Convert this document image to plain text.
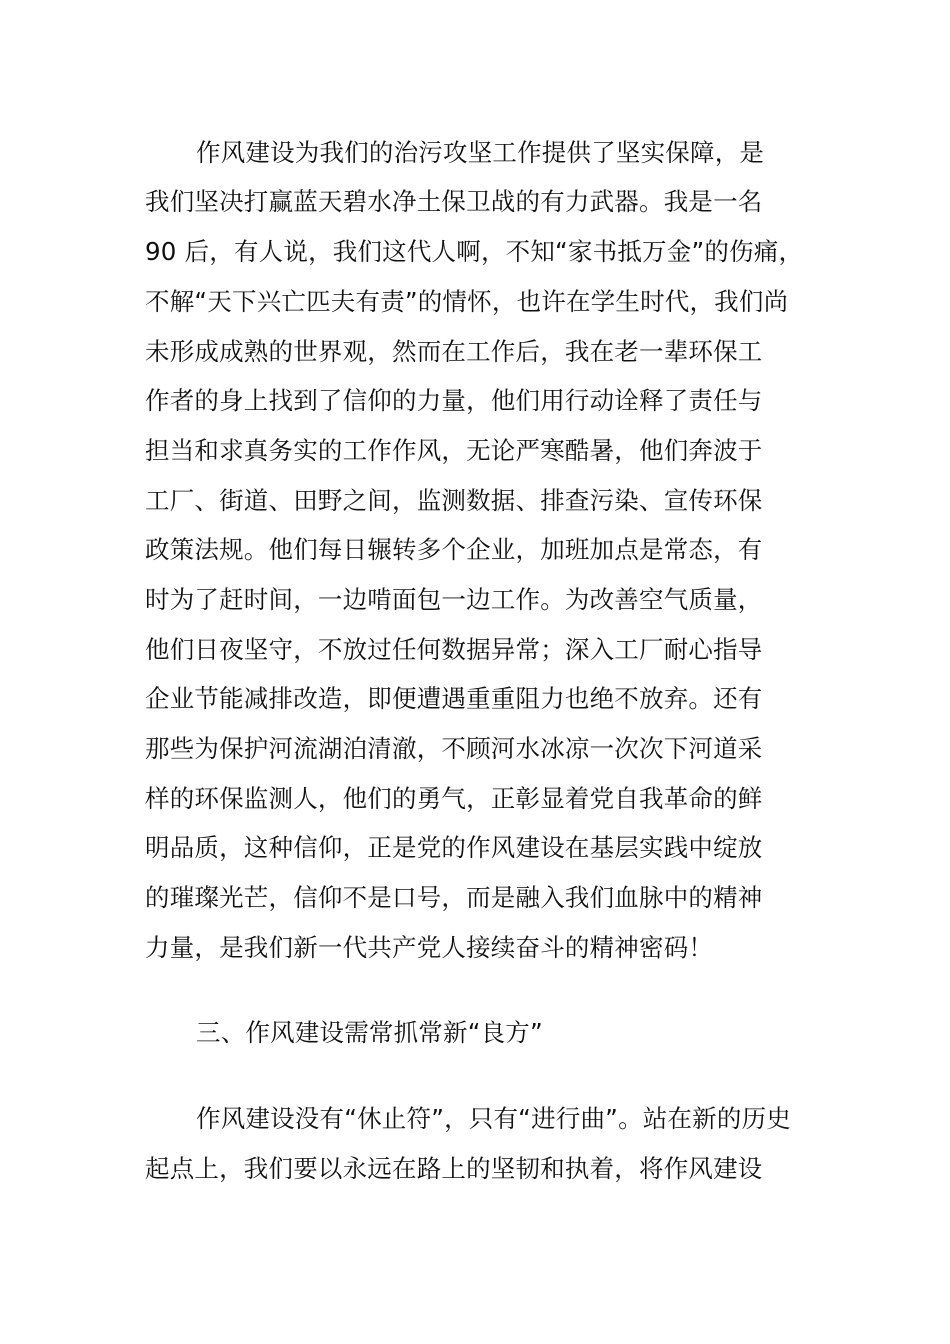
作风建设为我们的治污攻坚工作提供了坚实保障，是
我们坚决打赢蓝天碧水净土保卫战的有力武器。我是一名
90 后，有人说，我们这代人啊，不知“家书抵万金”的伤痛，
不解“天下兴亡匹夫有责”的情怀，也许在学生时代，我们尚
未形成成熟的世界观，然而在工作后，我在老一辈环保工
作者的身上找到了信仰的力量，他们用行动诠释了责任与
担当和求真务实的工作作风，无论严寒酷暑，他们奔波于
工厂、街道、田野之间，监测数据、排查污染、宣传环保
政策法规。他们每日辗转多个企业，加班加点是常态，有
时为了赶时间，一边啃面包一边工作。为改善空气质量，
他们日夜坚守，不放过任何数据异常；深入工厂耐心指导
企业节能减排改造，即便遭遇重重阻力也绝不放弃。还有
那些为保护河流湖泊清澈，不顾河水冰凉一次次下河道采
样的环保监测人，他们的勇气，正彰显着党自我革命的鲜
明品质，这种信仰，正是党的作风建设在基层实践中绽放
的璀璨光芒，信仰不是口号，而是融入我们血脉中的精神
力量，是我们新一代共产党人接续奋斗的精神密码！
三、作风建设需常抓常新“良方”
作风建设没有“休止符”，只有“进行曲”。站在新的历史
起点上，我们要以永远在路上的坚韧和执着，将作风建设
